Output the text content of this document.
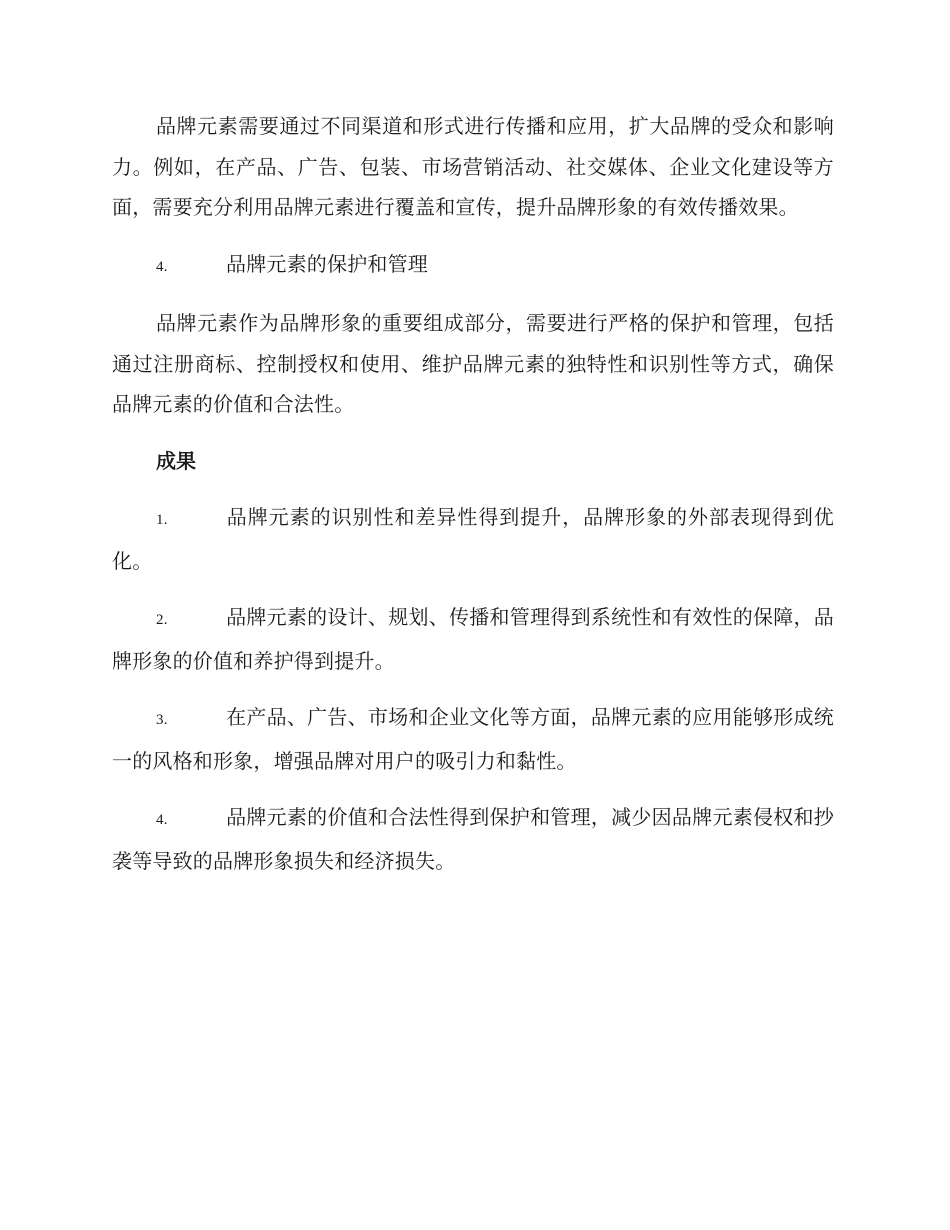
品牌元素需要通过不同渠道和形式进行传播和应用，扩大品牌的受众和影响力。例如，在产品、广告、包装、市场营销活动、社交媒体、企业文化建设等方面，需要充分利用品牌元素进行覆盖和宣传，提升品牌形象的有效传播效果。

4.	品牌元素的保护和管理

品牌元素作为品牌形象的重要组成部分，需要进行严格的保护和管理，包括通过注册商标、控制授权和使用、维护品牌元素的独特性和识别性等方式，确保品牌元素的价值和合法性。

成果

1.	品牌元素的识别性和差异性得到提升，品牌形象的外部表现得到优化。

2.	品牌元素的设计、规划、传播和管理得到系统性和有效性的保障，品牌形象的价值和养护得到提升。

3.	在产品、广告、市场和企业文化等方面，品牌元素的应用能够形成统一的风格和形象，增强品牌对用户的吸引力和黏性。

4.	品牌元素的价值和合法性得到保护和管理，减少因品牌元素侵权和抄袭等导致的品牌形象损失和经济损失。
